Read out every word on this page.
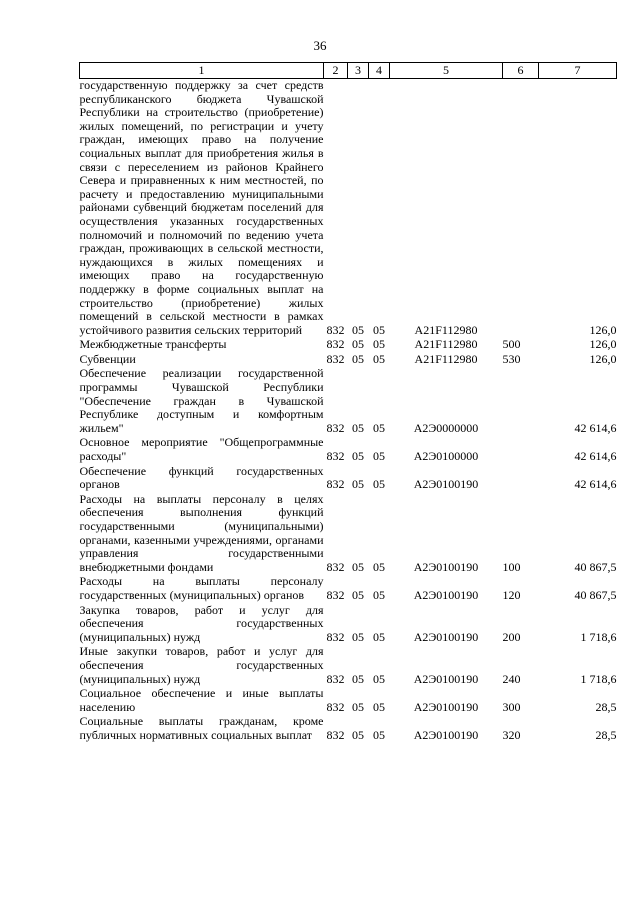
36
1	2	3	4	5	6	7
государственную поддержку за счет средств республиканского бюджета Чувашской Республики на строительство (приобретение) жилых помещений, по регистрации и учету граждан, имеющих право на получение социальных выплат для приобретения жилья в связи с переселением из районов Крайнего Севера и приравненных к ним местностей, по расчету и предоставлению муниципальными районами субвенций бюджетам поселений для осуществления указанных государственных полномочий и полномочий по ведению учета граждан, проживающих в сельской местности, нуждающихся в жилых помещениях и имеющих право на государственную поддержку в форме социальных выплат на строительство (приобретение) жилых помещений в сельской местности в рамках устойчивого развития сельских территорий	832	05	05	А21F112980		126,0
Межбюджетные трансферты	832	05	05	А21F112980	500	126,0
Субвенции	832	05	05	А21F112980	530	126,0
Обеспечение реализации государственной программы Чувашской Республики "Обеспечение граждан в Чувашской Республике доступным и комфортным жильем"	832	05	05	А2Э0000000		42 614,6
Основное мероприятие "Общепрограммные расходы"	832	05	05	А2Э0100000		42 614,6
Обеспечение функций государственных органов	832	05	05	А2Э0100190		42 614,6
Расходы на выплаты персоналу в целях обеспечения выполнения функций государственными (муниципальными) органами, казенными учреждениями, органами управления государственными внебюджетными фондами	832	05	05	А2Э0100190	100	40 867,5
Расходы на выплаты персоналу государственных (муниципальных) органов	832	05	05	А2Э0100190	120	40 867,5
Закупка товаров, работ и услуг для обеспечения государственных (муниципальных) нужд	832	05	05	А2Э0100190	200	1 718,6
Иные закупки товаров, работ и услуг для обеспечения государственных (муниципальных) нужд	832	05	05	А2Э0100190	240	1 718,6
Социальное обеспечение и иные выплаты населению	832	05	05	А2Э0100190	300	28,5
Социальные выплаты гражданам, кроме публичных нормативных социальных выплат	832	05	05	А2Э0100190	320	28,5
